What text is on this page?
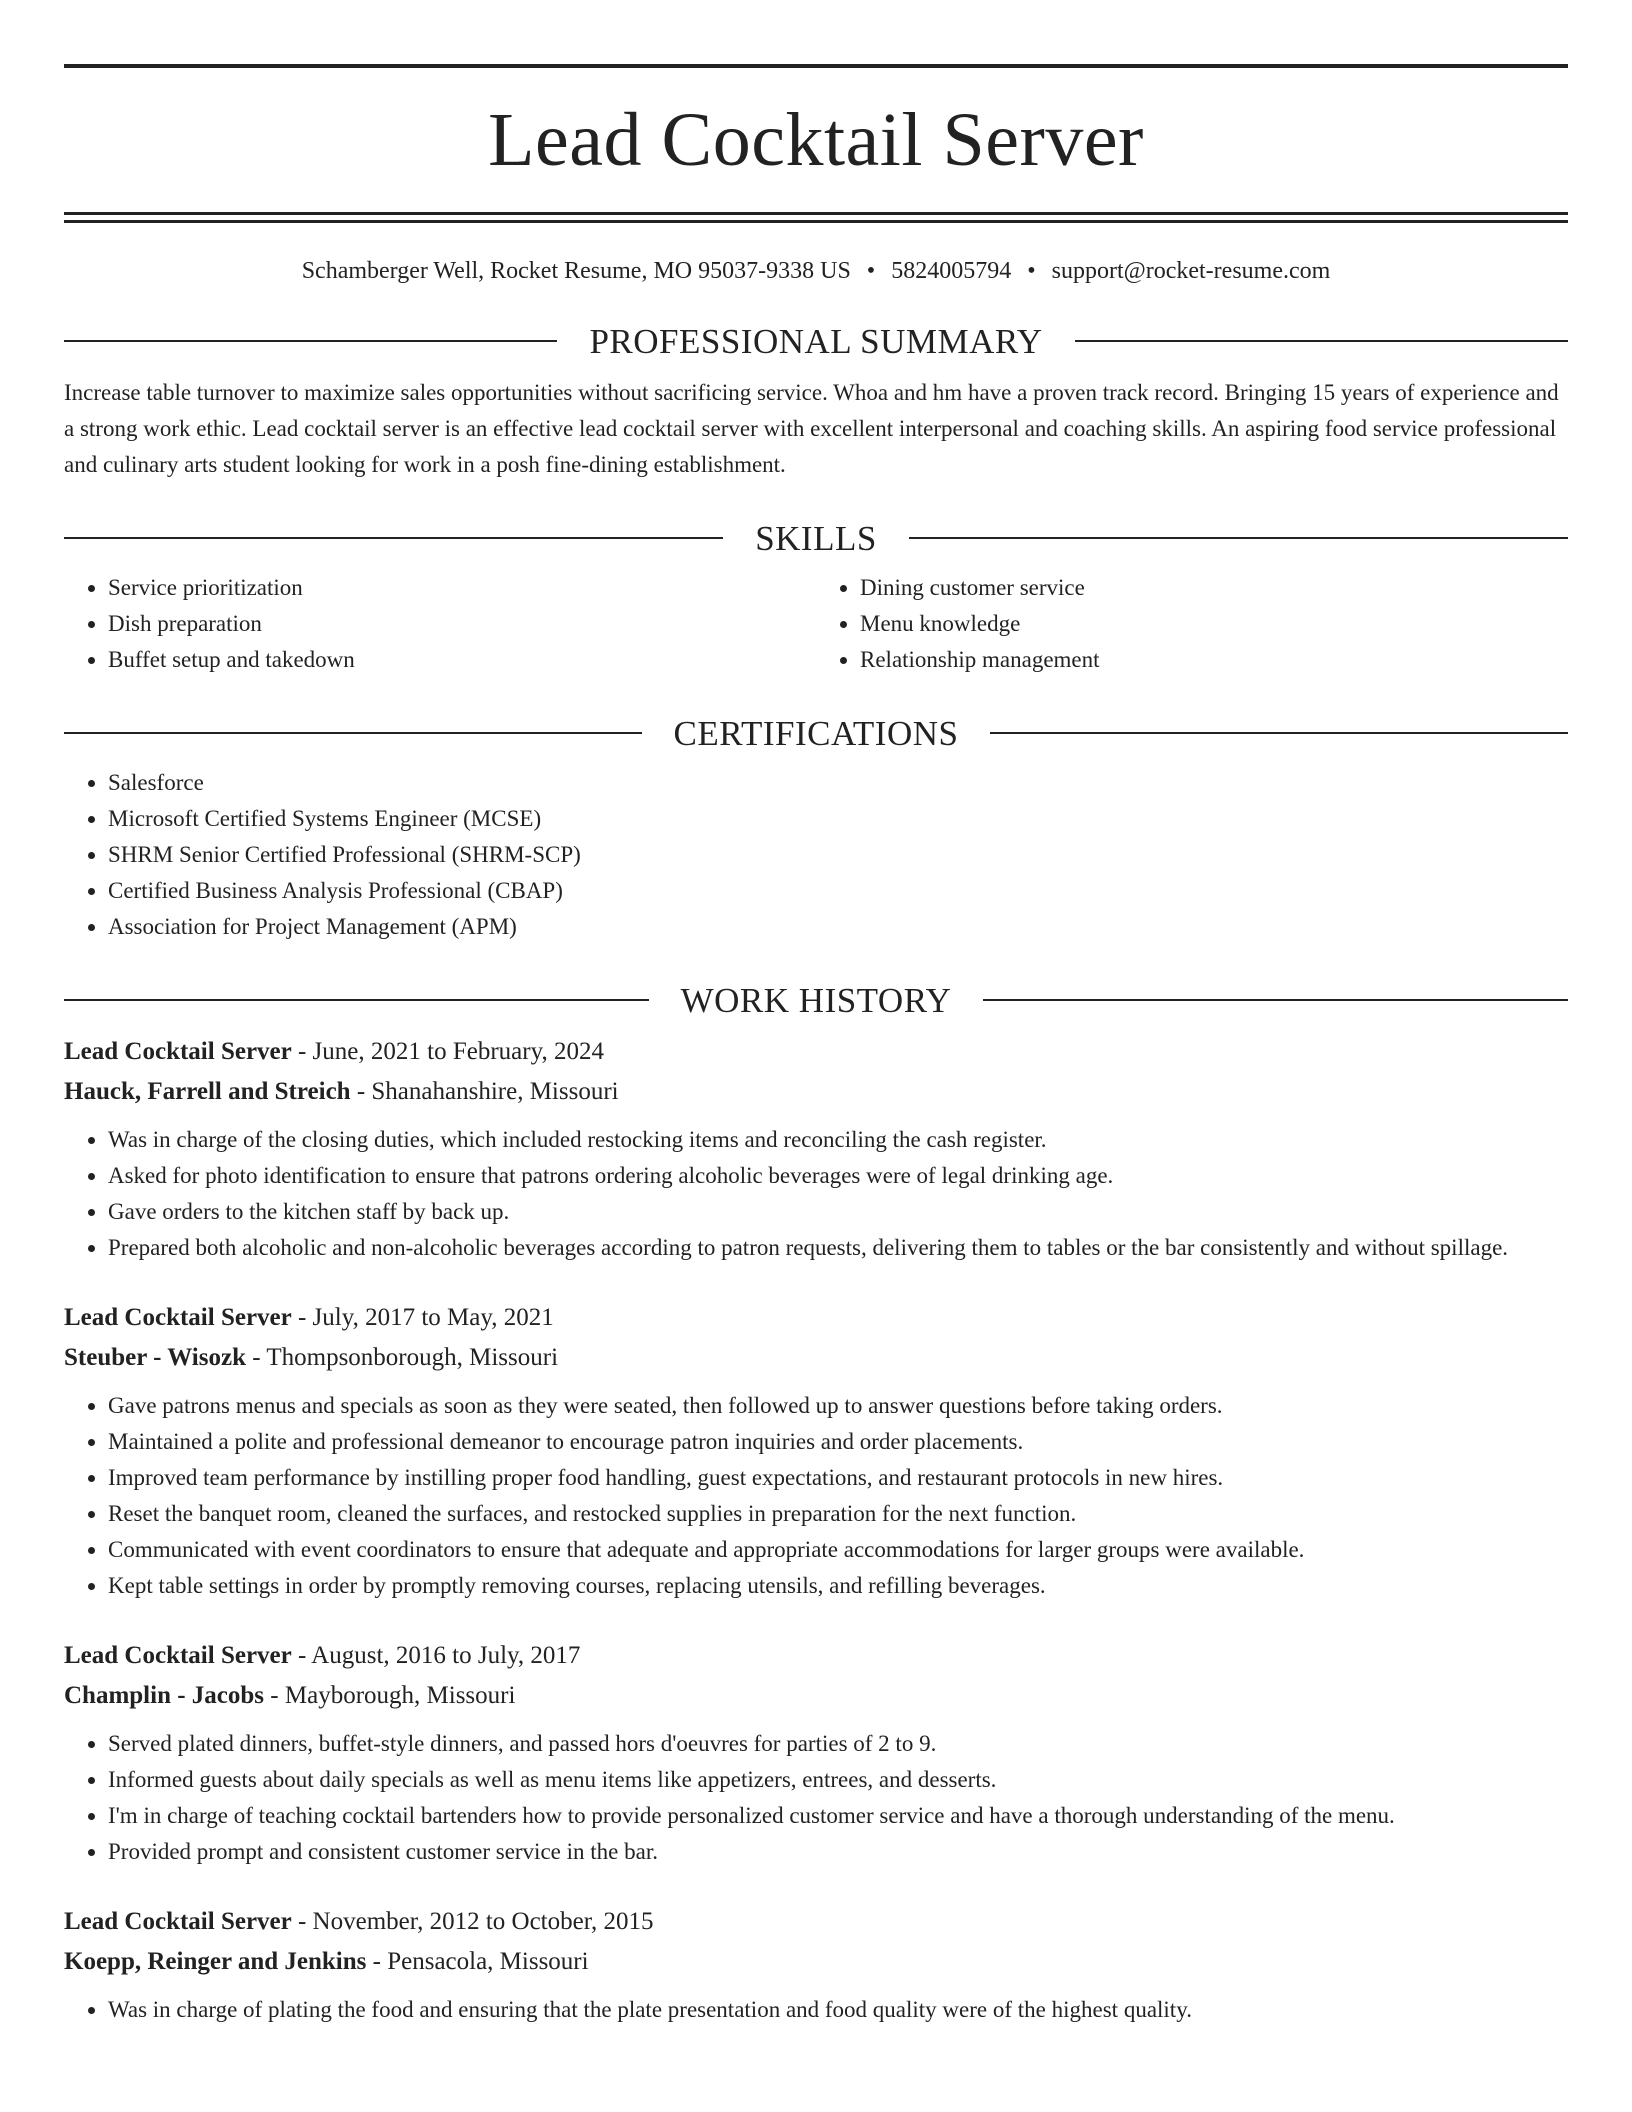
Lead Cocktail Server
Schamberger Well, Rocket Resume, MO 95037-9338 US • 5824005794 • support@rocket-resume.com
PROFESSIONAL SUMMARY

Increase table turnover to maximize sales opportunities without sacrificing service. Whoa and hm have a proven track record. Bringing 15 years of experience and a strong work ethic. Lead cocktail server is an effective lead cocktail server with excellent interpersonal and coaching skills. An aspiring food service professional and culinary arts student looking for work in a posh fine-dining establishment.

SKILLS
• Service prioritization
• Dish preparation
• Buffet setup and takedown
• Dining customer service
• Menu knowledge
• Relationship management
CERTIFICATIONS
• Salesforce
• Microsoft Certified Systems Engineer (MCSE)
• SHRM Senior Certified Professional (SHRM-SCP)
• Certified Business Analysis Professional (CBAP)
• Association for Project Management (APM)
WORK HISTORY
Lead Cocktail Server - June, 2021 to February, 2024
Hauck, Farrell and Streich - Shanahanshire, Missouri
• Was in charge of the closing duties, which included restocking items and reconciling the cash register.
• Asked for photo identification to ensure that patrons ordering alcoholic beverages were of legal drinking age.
• Gave orders to the kitchen staff by back up.
• Prepared both alcoholic and non-alcoholic beverages according to patron requests, delivering them to tables or the bar consistently and without spillage.
Lead Cocktail Server - July, 2017 to May, 2021
Steuber - Wisozk - Thompsonborough, Missouri
• Gave patrons menus and specials as soon as they were seated, then followed up to answer questions before taking orders.
• Maintained a polite and professional demeanor to encourage patron inquiries and order placements.
• Improved team performance by instilling proper food handling, guest expectations, and restaurant protocols in new hires.
• Reset the banquet room, cleaned the surfaces, and restocked supplies in preparation for the next function.
• Communicated with event coordinators to ensure that adequate and appropriate accommodations for larger groups were available.
• Kept table settings in order by promptly removing courses, replacing utensils, and refilling beverages.
Lead Cocktail Server - August, 2016 to July, 2017
Champlin - Jacobs - Mayborough, Missouri
• Served plated dinners, buffet-style dinners, and passed hors d'oeuvres for parties of 2 to 9.
• Informed guests about daily specials as well as menu items like appetizers, entrees, and desserts.
• I'm in charge of teaching cocktail bartenders how to provide personalized customer service and have a thorough understanding of the menu.
• Provided prompt and consistent customer service in the bar.
Lead Cocktail Server - November, 2012 to October, 2015
Koepp, Reinger and Jenkins - Pensacola, Missouri
• Was in charge of plating the food and ensuring that the plate presentation and food quality were of the highest quality.
